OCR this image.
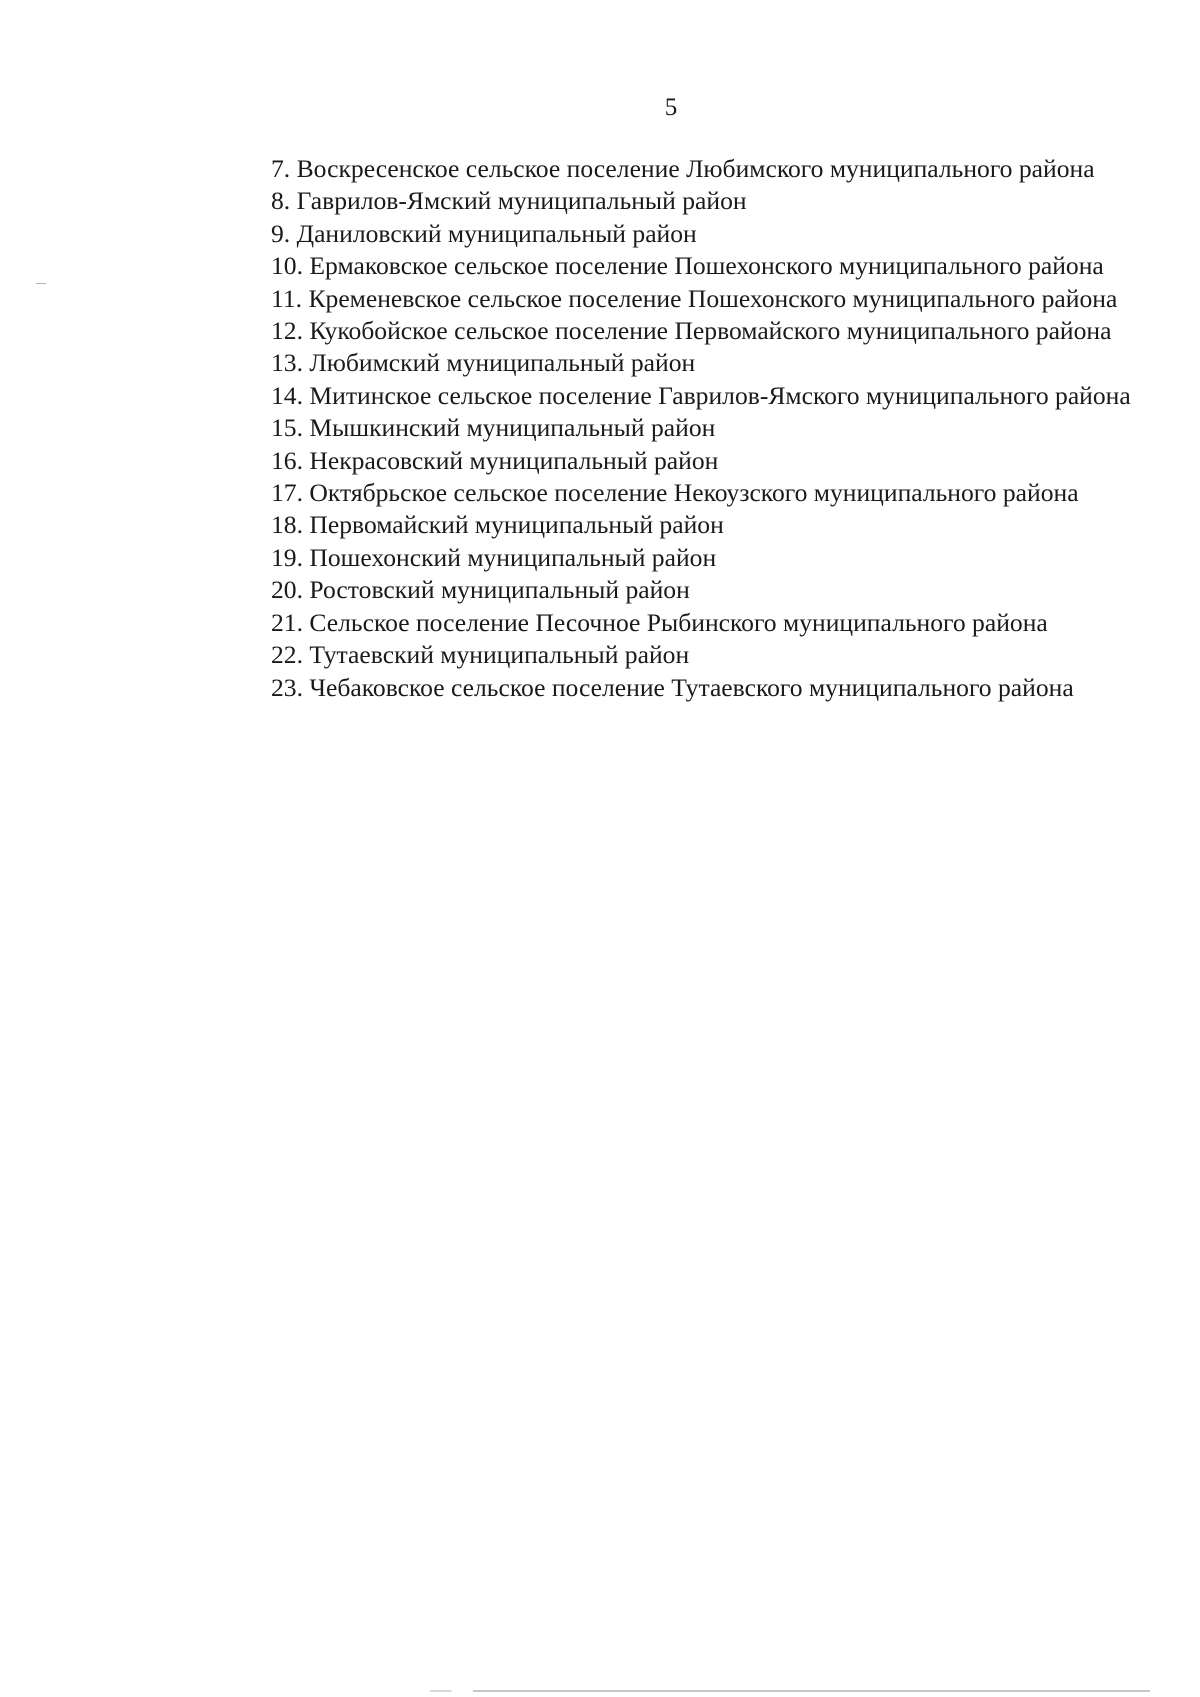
5
7. Воскресенское сельское поселение Любимского муниципального района
8. Гаврилов-Ямский муниципальный район
9. Даниловский муниципальный район
10. Ермаковское сельское поселение Пошехонского муниципального района
11. Кременевское сельское поселение Пошехонского муниципального района
12. Кукобойское сельское поселение Первомайского муниципального района
13. Любимский муниципальный район
14. Митинское сельское поселение Гаврилов-Ямского муниципального района
15. Мышкинский муниципальный район
16. Некрасовский муниципальный район
17. Октябрьское сельское поселение Некоузского муниципального района
18. Первомайский муниципальный район
19. Пошехонский муниципальный район
20. Ростовский муниципальный район
21. Сельское поселение Песочное Рыбинского муниципального района
22. Тутаевский муниципальный район
23. Чебаковское сельское поселение Тутаевского муниципального района
